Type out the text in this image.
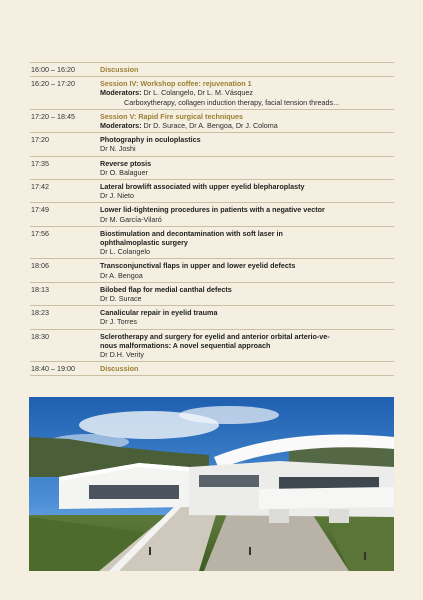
16:00 – 16:20	Discussion
16:20 – 17:20	Session IV: Workshop coffee: rejuvenation 1
Moderators: Dr L. Colangelo, Dr L. M. Vásquez
Carboxytherapy, collagen induction therapy, facial tension threads...
17:20 – 18:45	Session V: Rapid Fire surgical techniques
Moderators: Dr D. Surace, Dr A. Bengoa, Dr J. Coloma
17:20	Photography in oculoplastics
Dr N. Joshi
17:35	Reverse ptosis
Dr O. Balaguer
17:42	Lateral browlift associated with upper eyelid blepharoplasty
Dr J. Nieto
17:49	Lower lid-tightening procedures in patients with a negative vector
Dr M. García-Vilaró
17:56	Biostimulation and decontamination with soft laser in
ophthalmoplastic surgery
Dr L. Colangelo
18:06	Transconjunctival flaps in upper and lower eyelid defects
Dr A. Bengoa
18:13	Bilobed flap for medial canthal defects
Dr D. Surace
18:23	Canalicular repair in eyelid trauma
Dr J. Torres
18:30	Sclerotherapy and surgery for eyelid and anterior orbital arterio-ve-
nous malformations: A novel sequential approach
Dr D.H. Verity
18:40 – 19:00	Discussion
